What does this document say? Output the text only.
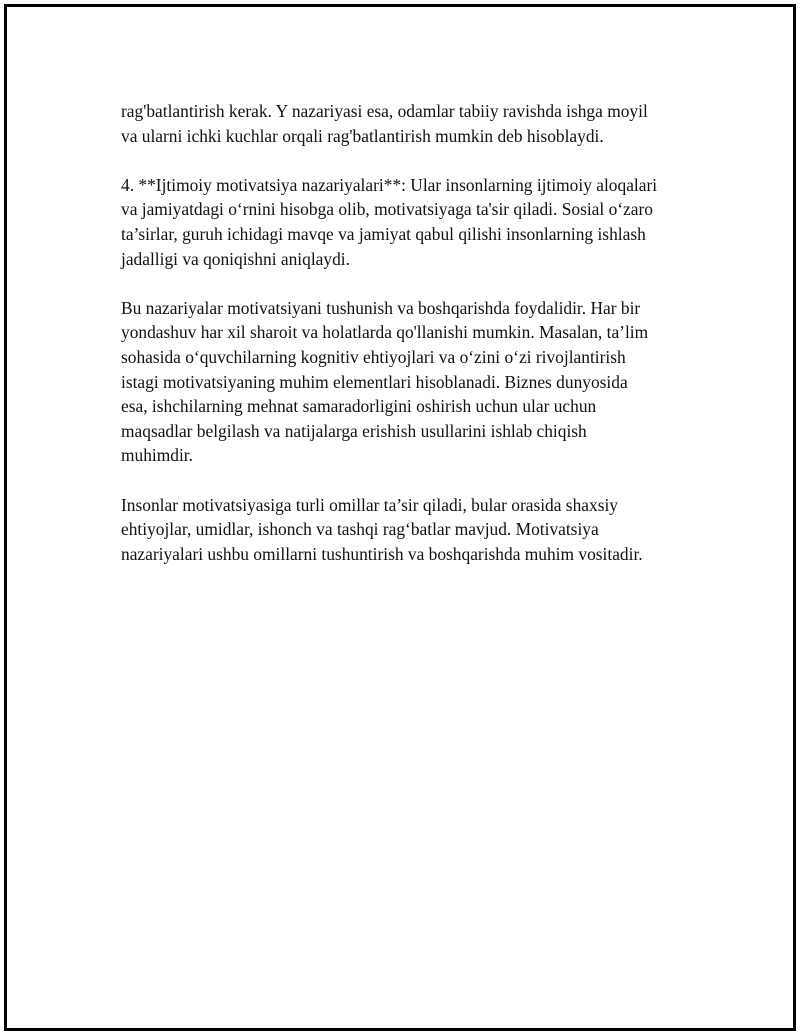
rag'batlantirish kerak. Y nazariyasi esa, odamlar tabiiy ravishda ishga moyil
va ularni ichki kuchlar orqali rag'batlantirish mumkin deb hisoblaydi.

4. **Ijtimoiy motivatsiya nazariyalari**: Ular insonlarning ijtimoiy aloqalari
va jamiyatdagi o‘rnini hisobga olib, motivatsiyaga ta'sir qiladi. Sosial o‘zaro
ta’sirlar, guruh ichidagi mavqe va jamiyat qabul qilishi insonlarning ishlash
jadalligi va qoniqishni aniqlaydi.

Bu nazariyalar motivatsiyani tushunish va boshqarishda foydalidir. Har bir
yondashuv har xil sharoit va holatlarda qo'llanishi mumkin. Masalan, ta’lim
sohasida o‘quvchilarning kognitiv ehtiyojlari va o‘zini o‘zi rivojlantirish
istagi motivatsiyaning muhim elementlari hisoblanadi. Biznes dunyosida
esa, ishchilarning mehnat samaradorligini oshirish uchun ular uchun
maqsadlar belgilash va natijalarga erishish usullarini ishlab chiqish
muhimdir.

Insonlar motivatsiyasiga turli omillar ta’sir qiladi, bular orasida shaxsiy
ehtiyojlar, umidlar, ishonch va tashqi rag‘batlar mavjud. Motivatsiya
nazariyalari ushbu omillarni tushuntirish va boshqarishda muhim vositadir.
